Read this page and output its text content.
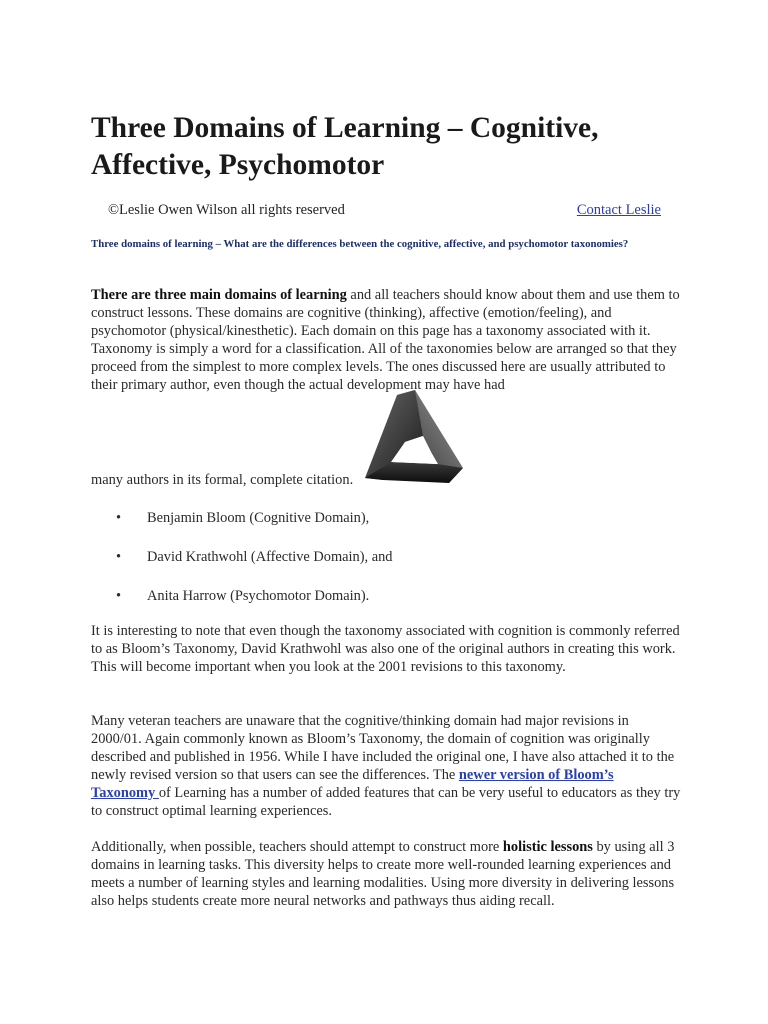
Three Domains of Learning – Cognitive, Affective, Psychomotor
©Leslie Owen Wilson all rights reserved	Contact Leslie
Three domains of learning – What are the differences between the cognitive, affective, and psychomotor taxonomies?

There are three main domains of learning and all teachers should know about them and use them to construct lessons. These domains are cognitive (thinking), affective (emotion/feeling), and psychomotor (physical/kinesthetic). Each domain on this page has a taxonomy associated with it. Taxonomy is simply a word for a classification. All of the taxonomies below are arranged so that they proceed from the simplest to more complex levels. The ones discussed here are usually attributed to their primary author, even though the actual development may have had

many authors in its formal, complete citation.

• Benjamin Bloom (Cognitive Domain),
• David Krathwohl (Affective Domain), and
• Anita Harrow (Psychomotor Domain).

It is interesting to note that even though the taxonomy associated with cognition is commonly referred to as Bloom’s Taxonomy, David Krathwohl was also one of the original authors in creating this work. This will become important when you look at the 2001 revisions to this taxonomy.

Many veteran teachers are unaware that the cognitive/thinking domain had major revisions in 2000/01. Again commonly known as Bloom’s Taxonomy, the domain of cognition was originally described and published in 1956. While I have included the original one, I have also attached it to the newly revised version so that users can see the differences. The newer version of Bloom’s Taxonomy of Learning has a number of added features that can be very useful to educators as they try to construct optimal learning experiences.

Additionally, when possible, teachers should attempt to construct more holistic lessons by using all 3 domains in learning tasks. This diversity helps to create more well-rounded learning experiences and meets a number of learning styles and learning modalities. Using more diversity in delivering lessons also helps students create more neural networks and pathways thus aiding recall.
